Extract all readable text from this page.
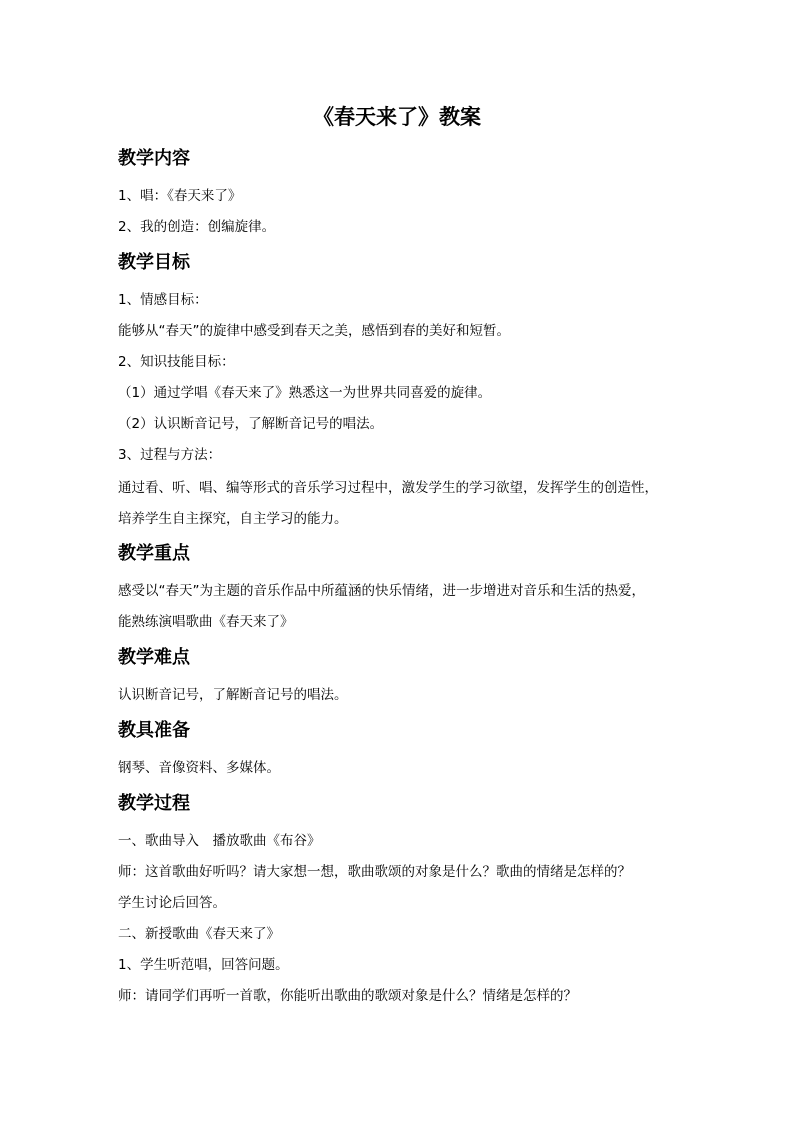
《春天来了》教案
教学内容
1、唱：《春天来了》
2、我的创造：创编旋律。
教学目标
1、情感目标：
能够从“春天”的旋律中感受到春天之美，感悟到春的美好和短暂。
2、知识技能目标：
（1）通过学唱《春天来了》熟悉这一为世界共同喜爱的旋律。
（2）认识断音记号，了解断音记号的唱法。
3、过程与方法：
通过看、听、唱、编等形式的音乐学习过程中，激发学生的学习欲望，发挥学生的创造性，
培养学生自主探究，自主学习的能力。
教学重点
感受以“春天”为主题的音乐作品中所蕴涵的快乐情绪，进一步增进对音乐和生活的热爱，
能熟练演唱歌曲《春天来了》
教学难点
认识断音记号，了解断音记号的唱法。
教具准备
钢琴、音像资料、多媒体。
教学过程
一、歌曲导入　播放歌曲《布谷》
师：这首歌曲好听吗？请大家想一想，歌曲歌颂的对象是什么？歌曲的情绪是怎样的？
学生讨论后回答。
二、新授歌曲《春天来了》
1、学生听范唱，回答问题。
师：请同学们再听一首歌，你能听出歌曲的歌颂对象是什么？情绪是怎样的？
